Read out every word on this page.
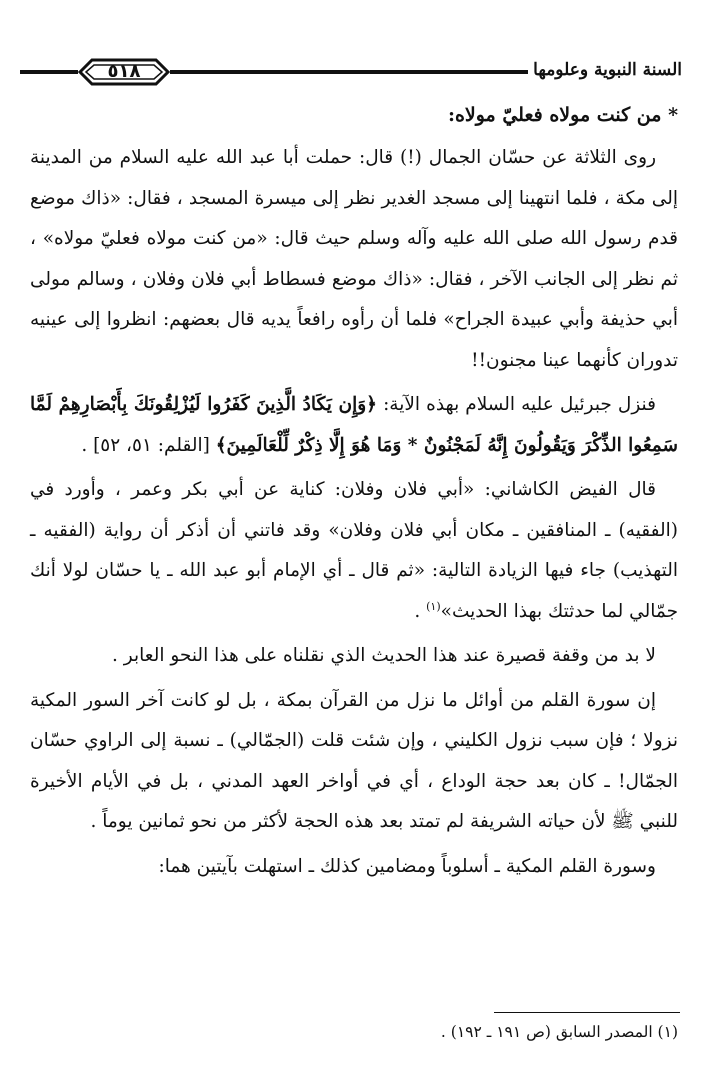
السنة النبوية وعلومها
٥١٨
* من كنت مولاه فعليّ مولاه:

روى الثلاثة عن حسّان الجمال (!) قال: حملت أبا عبد الله عليه السلام من المدينة إلى مكة ، فلما انتهينا إلى مسجد الغدير نظر إلى ميسرة المسجد ، فقال: «ذاك موضع قدم رسول الله صلى الله عليه وآله وسلم حيث قال: «من كنت مولاه فعليّ مولاه» ، ثم نظر إلى الجانب الآخر ، فقال: «ذاك موضع فسطاط أبي فلان وفلان ، وسالم مولى أبي حذيفة وأبي عبيدة الجراح» فلما أن رأوه رافعاً يديه قال بعضهم: انظروا إلى عينيه تدوران كأنهما عينا مجنون!!

فنزل جبرئيل عليه السلام بهذه الآية: ﴿وَإِن يَكَادُ الَّذِينَ كَفَرُوا لَيُزْلِقُونَكَ بِأَبْصَارِهِمْ لَمَّا سَمِعُوا الذِّكْرَ وَيَقُولُونَ إِنَّهُ لَمَجْنُونٌ * وَمَا هُوَ إِلَّا ذِكْرٌ لِّلْعَالَمِينَ﴾ [القلم: ٥١، ٥٢] .

قال الفيض الكاشاني: «أبي فلان وفلان: كناية عن أبي بكر وعمر ، وأورد في (الفقيه) ـ المنافقين ـ مكان أبي فلان وفلان» وقد فاتني أن أذكر أن رواية (الفقيه ـ التهذيب) جاء فيها الزيادة التالية: «ثم قال ـ أي الإمام أبو عبد الله ـ يا حسّان لولا أنك جمّالي لما حدثتك بهذا الحديث»$^{(١)}$ .

لا بد من وقفة قصيرة عند هذا الحديث الذي نقلناه على هذا النحو العابر .

إن سورة القلم من أوائل ما نزل من القرآن بمكة ، بل لو كانت آخر السور المكية نزولا ؛ فإن سبب نزول الكليني ، وإن شئت قلت (الجمّالي) ـ نسبة إلى الراوي حسّان الجمّال! ـ كان بعد حجة الوداع ، أي في أواخر العهد المدني ، بل في الأيام الأخيرة للنبي ﷺ لأن حياته الشريفة لم تمتد بعد هذه الحجة لأكثر من نحو ثمانين يوماً .

وسورة القلم المكية ـ أسلوباً ومضامين كذلك ـ استهلت بآيتين هما:

(١) المصدر السابق (ص ١٩١ ـ ١٩٢) .
